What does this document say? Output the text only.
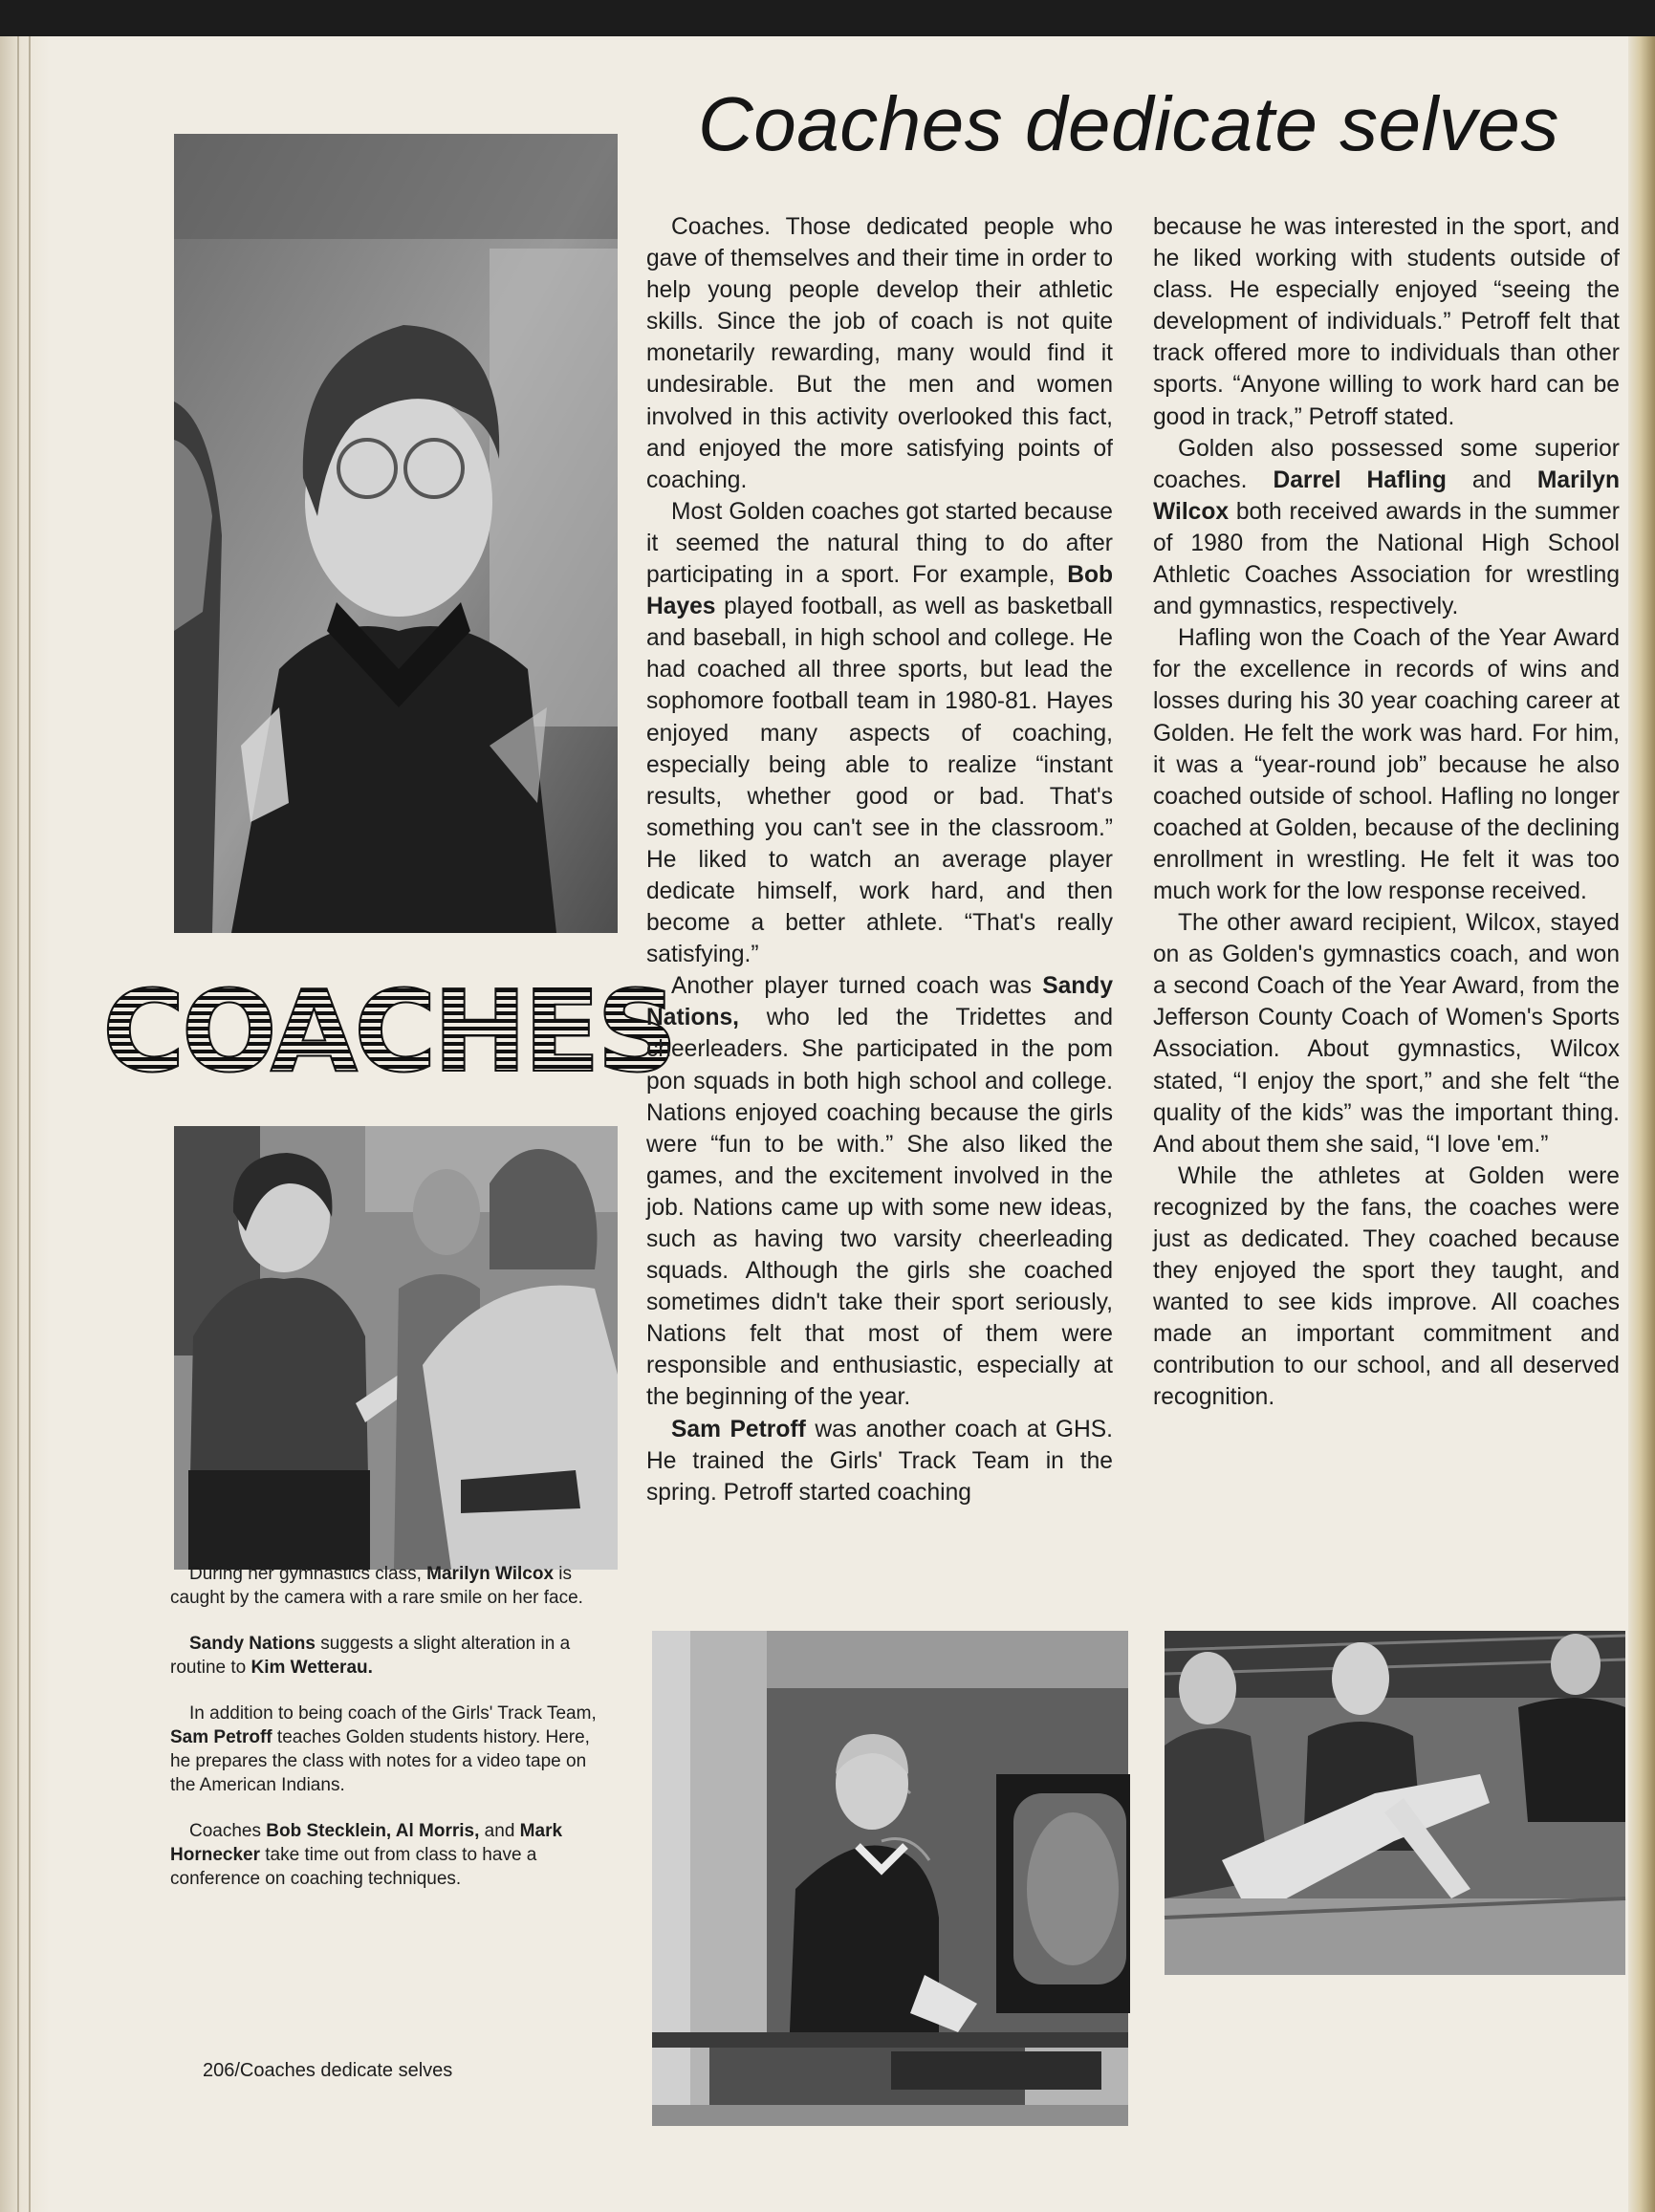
Coaches dedicate selves
COACHES

Coaches. Those dedicated people who gave of themselves and their time in order to help young people develop their athletic skills. Since the job of coach is not quite monetarily rewarding, many would find it undesirable. But the men and women involved in this activity overlooked this fact, and enjoyed the more satisfying points of coaching.

Most Golden coaches got started because it seemed the natural thing to do after participating in a sport. For example, Bob Hayes played football, as well as basketball and baseball, in high school and college. He had coached all three sports, but lead the sophomore football team in 1980-81. Hayes enjoyed many aspects of coaching, especially being able to realize “instant results, whether good or bad. That's something you can't see in the classroom.” He liked to watch an average player dedicate himself, work hard, and then become a better athlete. “That's really satisfying.”

Another player turned coach was Sandy Nations, who led the Tridettes and cheerleaders. She participated in the pom pon squads in both high school and college. Nations enjoyed coaching because the girls were “fun to be with.” She also liked the games, and the excitement involved in the job. Nations came up with some new ideas, such as having two varsity cheerleading squads. Although the girls she coached sometimes didn't take their sport seriously, Nations felt that most of them were responsible and enthusiastic, especially at the beginning of the year.

Sam Petroff was another coach at GHS. He trained the Girls' Track Team in the spring. Petroff started coaching

because he was interested in the sport, and he liked working with students outside of class. He especially enjoyed “seeing the development of individuals.” Petroff felt that track offered more to individuals than other sports. “Anyone willing to work hard can be good in track,” Petroff stated.

Golden also possessed some superior coaches. Darrel Hafling and Marilyn Wilcox both received awards in the summer of 1980 from the National High School Athletic Coaches Association for wrestling and gymnastics, respectively.

Hafling won the Coach of the Year Award for the excellence in records of wins and losses during his 30 year coaching career at Golden. He felt the work was hard. For him, it was a “year-round job” because he also coached outside of school. Hafling no longer coached at Golden, because of the declining enrollment in wrestling. He felt it was too much work for the low response received.

The other award recipient, Wilcox, stayed on as Golden's gymnastics coach, and won a second Coach of the Year Award, from the Jefferson County Coach of Women's Sports Association. About gymnastics, Wilcox stated, “I enjoy the sport,” and she felt “the quality of the kids” was the important thing. And about them she said, “I love 'em.”

While the athletes at Golden were recognized by the fans, the coaches were just as dedicated. They coached because they enjoyed the sport they taught, and wanted to see kids improve. All coaches made an important commitment and contribution to our school, and all deserved recognition.

During her gymnastics class, Marilyn Wilcox is caught by the camera with a rare smile on her face.

Sandy Nations suggests a slight alteration in a routine to Kim Wetterau.

In addition to being coach of the Girls' Track Team, Sam Petroff teaches Golden students history. Here, he prepares the class with notes for a video tape on the American Indians.

Coaches Bob Stecklein, Al Morris, and Mark Hornecker take time out from class to have a conference on coaching techniques.

206/Coaches dedicate selves
